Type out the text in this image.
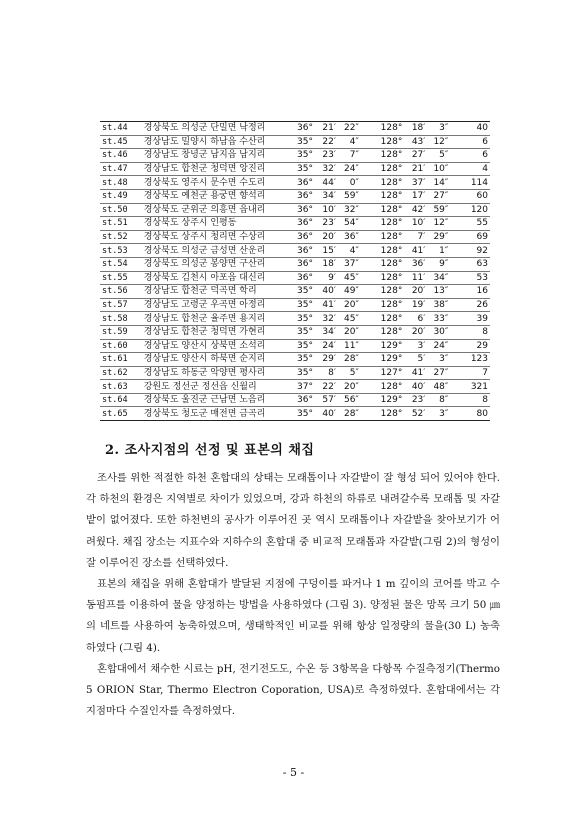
st.44	경상북도 의성군 단밀면 낙정리	36°	21′	22″		128°	18′	3″	40
st.45	경상남도 밀양시 하남읍 수산리	35°	22′	4″		128°	43′	12″	6
st.46	경상남도 창녕군 남지읍 남지리	35°	23′	7″		128°	27′	5″	6
st.47	경상남도 합천군 청덕면 앙진리	35°	32′	24″		128°	21′	10″	4
st.48	경상북도 영주시 문수면 수도리	36°	44′	0″		128°	37′	14″	114
st.49	경상북도 예천군 용궁면 향석리	36°	34′	59″		128°	17′	27″	60
st.50	경상북도 군위군 의흥면 읍내리	36°	10′	32″		128°	42′	59″	120
st.51	경상북도 상주시 인평동	36°	23′	54″		128°	10′	12″	55
st.52	경상북도 상주시 청리면 수상리	36°	20′	36″		128°	7′	29″	69
st.53	경상북도 의성군 금성면 산운리	36°	15′	4″		128°	41′	1″	92
st.54	경상북도 의성군 봉양면 구산리	36°	18′	37″		128°	36′	9″	63
st.55	경상북도 김천시 아포읍 대신리	36°	9′	45″		128°	11′	34″	53
st.56	경상남도 합천군 덕곡면 학리	35°	40′	49″		128°	20′	13″	16
st.57	경상남도 고령군 우곡면 아정리	35°	41′	20″		128°	19′	38″	26
st.58	경상남도 합천군 율주면 용지리	35°	32′	45″		128°	6′	33″	39
st.59	경상남도 합천군 청덕면 가현리	35°	34′	20″		128°	20′	30″	8
st.60	경상남도 양산시 상북면 소석리	35°	24′	11″		129°	3′	24″	29
st.61	경상남도 양산시 하북면 순지리	35°	29′	28″		129°	5′	3″	123
st.62	경상남도 하동군 악양면 평사리	35°	8′	5″		127°	41′	27″	7
st.63	강원도 정선군 정선읍 신월리	37°	22′	20″		128°	40′	48″	321
st.64	경상북도 울진군 근남면 노음리	36°	57′	56″		129°	23′	8″	8
st.65	경상북도 청도군 매전면 금곡리	35°	40′	28″		128°	52′	3″	80
2. 조사지점의 선정 및 표본의 채집

조사를 위한 적절한 하천 혼합대의 상태는 모래톱이나 자갈밭이 잘 형성 되어 있어야 한다. 각 하천의 환경은 지역별로 차이가 있었으며, 강과 하천의 하류로 내려갈수록 모래톱 및 자갈밭이 없어졌다. 또한 하천변의 공사가 이루어진 곳 역시 모래톱이나 자갈밭을 찾아보기가 어려웠다. 채집 장소는 지표수와 지하수의 혼합대 중 비교적 모래톱과 자갈밭(그림 2)의 형성이 잘 이루어진 장소를 선택하였다.

표본의 채집을 위해 혼합대가 발달된 지점에 구덩이를 파거나 1 m 깊이의 코어를 박고 수동펌프를 이용하여 물을 양정하는 방법을 사용하였다 (그림 3). 양정된 물은 망목 크기 50 ㎛의 네트를 사용하여 농축하였으며, 생태학적인 비교를 위해 항상 일정량의 물을(30 L) 농축하였다 (그림 4).

혼합대에서 채수한 시료는 pH, 전기전도도, 수온 등 3항목을 다항목 수질측정기(Thermo 5 ORION Star, Thermo Electron Coporation, USA)로 측정하였다. 혼합대에서는 각 지점마다 수질인자를 측정하였다.

- 5 -
